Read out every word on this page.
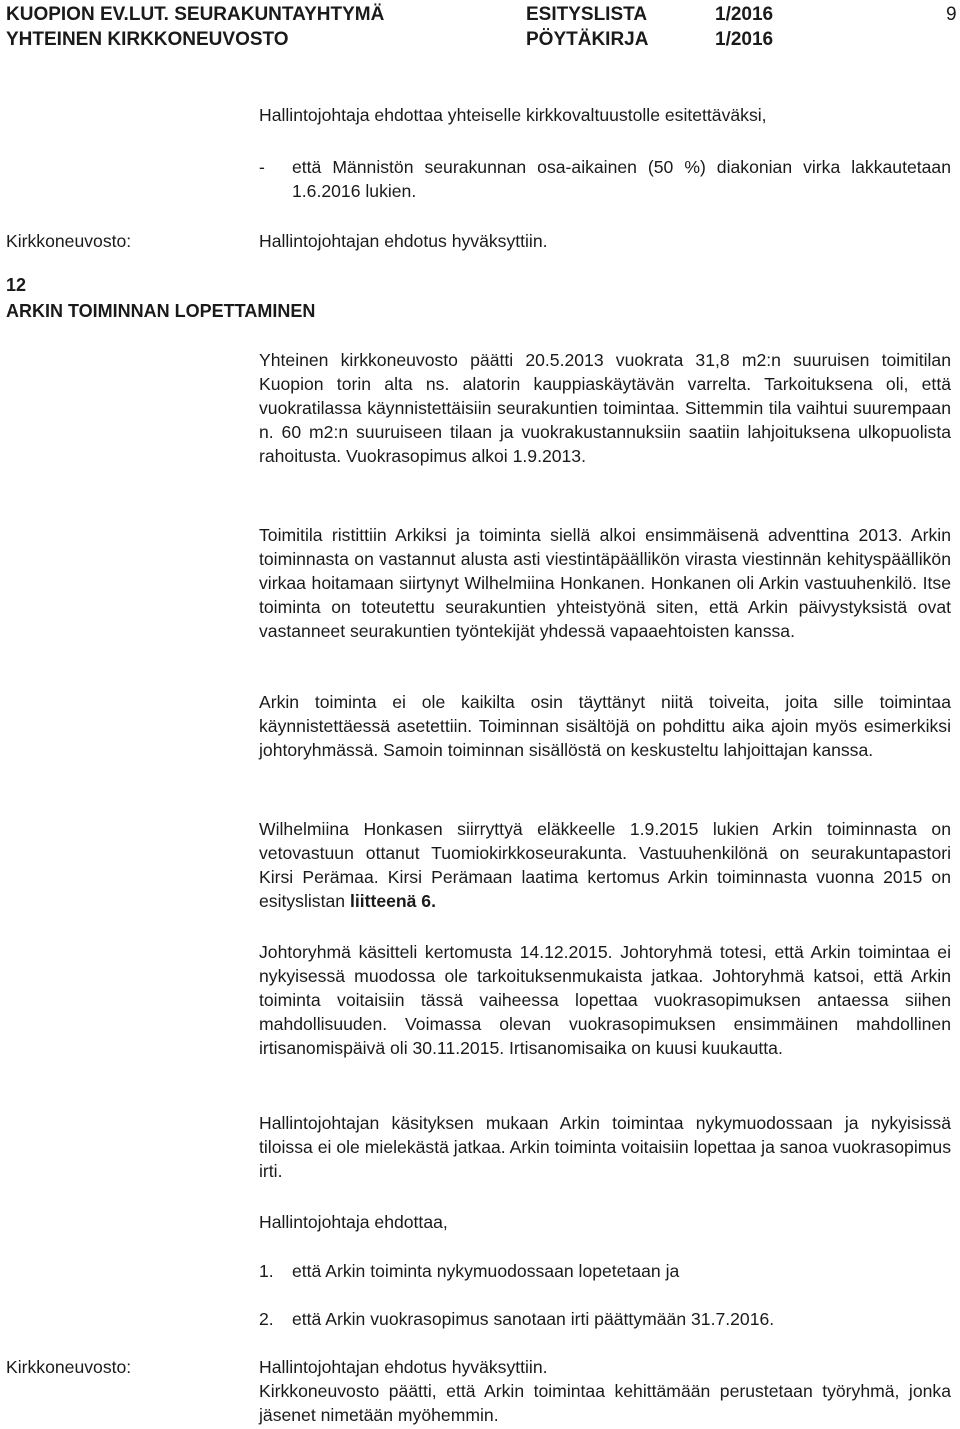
KUOPION EV.LUT. SEURAKUNTAYHTYMÄ
YHTEINEN KIRKKONEUVOSTO
ESITYSLISTA
PÖYTÄKIRJA
1/2016
1/2016
9

Hallintojohtaja ehdottaa yhteiselle kirkkovaltuustolle esitettäväksi,

- että Männistön seurakunnan osa-aikainen (50 %) diakonian virka lakkautetaan 1.6.2016 lukien.

Kirkkoneuvosto:	Hallintojohtajan ehdotus hyväksyttiin.

12
ARKIN TOIMINNAN LOPETTAMINEN

Yhteinen kirkkoneuvosto päätti 20.5.2013 vuokrata 31,8 m2:n suuruisen toimitilan Kuopion torin alta ns. alatorin kauppiaskäytävän varrelta. Tarkoituksena oli, että vuokratilassa käynnistettäisiin seurakuntien toimintaa. Sittemmin tila vaihtui suurempaan n. 60 m2:n suuruiseen tilaan ja vuokrakustannuksiin saatiin lahjoituksena ulkopuolista rahoitusta. Vuokrasopimus alkoi 1.9.2013.

Toimitila ristittiin Arkiksi ja toiminta siellä alkoi ensimmäisenä adventtina 2013. Arkin toiminnasta on vastannut alusta asti viestintäpäällikön virasta viestinnän kehityspäällikön virkaa hoitamaan siirtynyt Wilhelmiina Honkanen. Honkanen oli Arkin vastuuhenkilö. Itse toiminta on toteutettu seurakuntien yhteistyönä siten, että Arkin päivystyksistä ovat vastanneet seurakuntien työntekijät yhdessä vapaaehtoisten kanssa.

Arkin toiminta ei ole kaikilta osin täyttänyt niitä toiveita, joita sille toimintaa käynnistettäessä asetettiin. Toiminnan sisältöjä on pohdittu aika ajoin myös esimerkiksi johtoryhmässä. Samoin toiminnan sisällöstä on keskusteltu lahjoittajan kanssa.

Wilhelmiina Honkasen siirryttyä eläkkeelle 1.9.2015 lukien Arkin toiminnasta on vetovastuun ottanut Tuomiokirkkoseurakunta. Vastuuhenkilönä on seurakuntapastori Kirsi Perämaa. Kirsi Perämaan laatima kertomus Arkin toiminnasta vuonna 2015 on esityslistan liitteenä 6.

Johtoryhmä käsitteli kertomusta 14.12.2015. Johtoryhmä totesi, että Arkin toimintaa ei nykyisessä muodossa ole tarkoituksenmukaista jatkaa. Johtoryhmä katsoi, että Arkin toiminta voitaisiin tässä vaiheessa lopettaa vuokrasopimuksen antaessa siihen mahdollisuuden. Voimassa olevan vuokrasopimuksen ensimmäinen mahdollinen irtisanomispäivä oli 30.11.2015. Irtisanomisaika on kuusi kuukautta.

Hallintojohtajan käsityksen mukaan Arkin toimintaa nykymuodossaan ja nykyisissä tiloissa ei ole mielekästä jatkaa. Arkin toiminta voitaisiin lopettaa ja sanoa vuokrasopimus irti.

Hallintojohtaja ehdottaa,

1. että Arkin toiminta nykymuodossaan lopetetaan ja

2. että Arkin vuokrasopimus sanotaan irti päättymään 31.7.2016.

Kirkkoneuvosto:	Hallintojohtajan ehdotus hyväksyttiin.

Kirkkoneuvosto päätti, että Arkin toimintaa kehittämään perustetaan työryhmä, jonka jäsenet nimetään myöhemmin.
